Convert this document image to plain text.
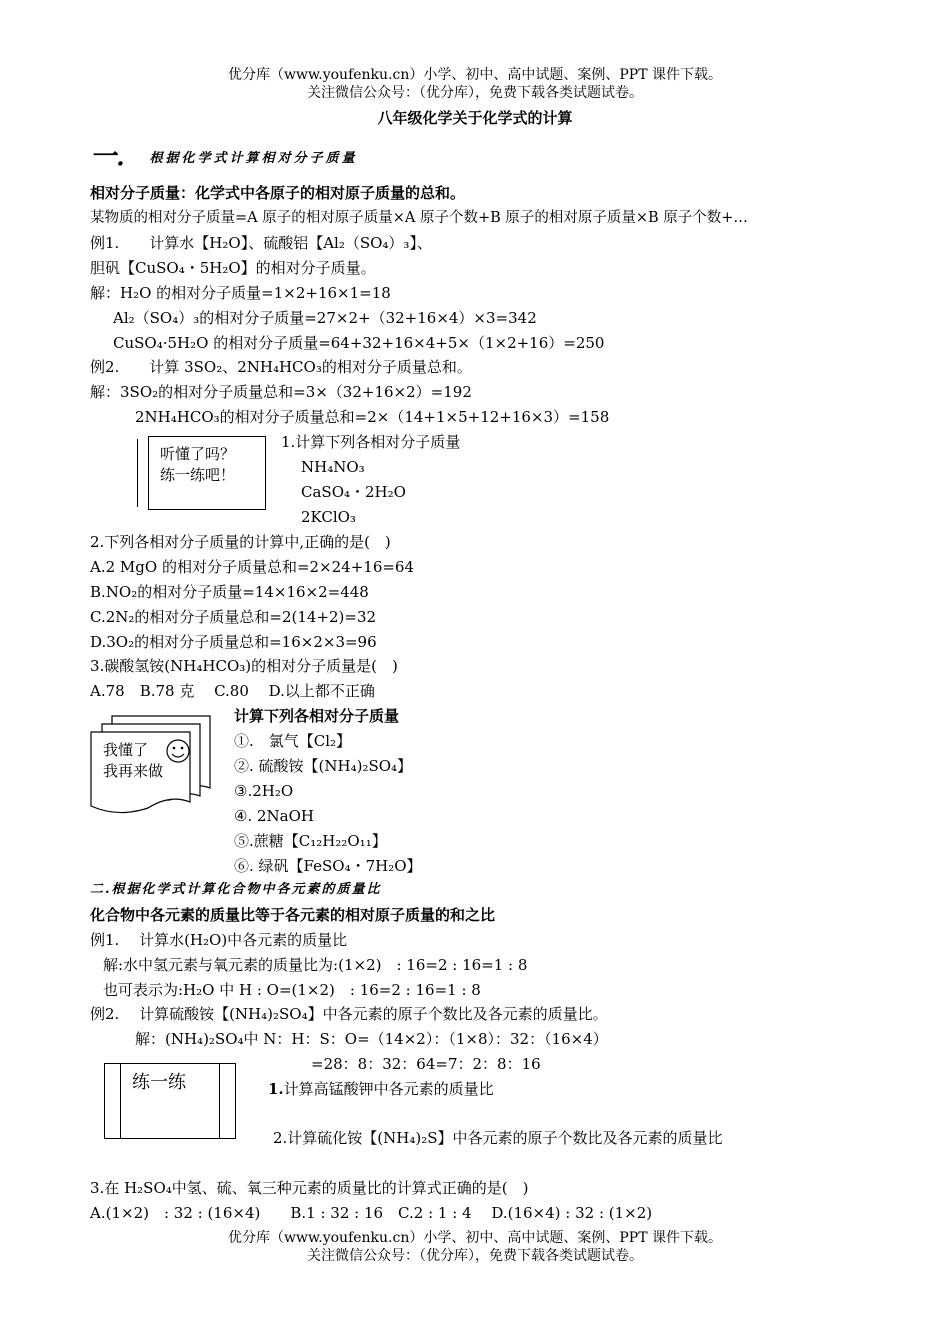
优分库（www.youfenku.cn）小学、初中、高中试题、案例、PPT 课件下载。
关注微信公众号：（优分库），免费下载各类试题试卷。
八年级化学关于化学式的计算
一． 根据化学式计算相对分子质量
相对分子质量：化学式中各原子的相对原子质量的总和。
某物质的相对分子质量=A 原子的相对原子质量×A 原子个数+B 原子的相对原子质量×B 原子个数+…
例1.　　计算水【H₂O】、硫酸铝【Al₂（SO₄）₃】、
胆矾【CuSO₄・5H₂O】的相对分子质量。
解：H₂O 的相对分子质量=1×2+16×1=18
Al₂（SO₄）₃的相对分子质量=27×2+（32+16×4）×3=342
CuSO₄·5H₂O 的相对分子质量=64+32+16×4+5×（1×2+16）=250
例2.　　计算 3SO₂、2NH₄HCO₃的相对分子质量总和。
解：3SO₂的相对分子质量总和=3×（32+16×2）=192
2NH₄HCO₃的相对分子质量总和=2×（14+1×5+12+16×3）=158
听懂了吗？
练一练吧！
1.计算下列各相对分子质量
NH₄NO₃
CaSO₄・2H₂O
2KClO₃
2.下列各相对分子质量的计算中,正确的是(　)
A.2 MgO 的相对分子质量总和=2×24+16=64
B.NO₂的相对分子质量=14×16×2=448
C.2N₂的相对分子质量总和=2(14+2)=32
D.3O₂的相对分子质量总和=16×2×3=96
3.碳酸氢铵(NH₄HCO₃)的相对分子质量是(　)
A.78　B.78 克　 C.80　 D.以上都不正确
我懂了
我再来做
计算下列各相对分子质量
①.　氯气【Cl₂】
②. 硫酸铵【(NH₄)₂SO₄】
③.2H₂O
④. 2NaOH
⑤.蔗糖【C₁₂H₂₂O₁₁】
⑥. 绿矾【FeSO₄・7H₂O】
二.根据化学式计算化合物中各元素的质量比
化合物中各元素的质量比等于各元素的相对原子质量的和之比
例1.　 计算水(H₂O)中各元素的质量比
解:水中氢元素与氧元素的质量比为:(1×2)　: 16=2 : 16=1 : 8
也可表示为:H₂O 中 H : O=(1×2)　: 16=2 : 16=1 : 8
例2.　 计算硫酸铵【(NH₄)₂SO₄】中各元素的原子个数比及各元素的质量比。
解：(NH₄)₂SO₄中 N：H：S：O=（14×2）：（1×8）：32：（16×4）
=28：8：32：64=7：2：8：16
练一练	1.计算高锰酸钾中各元素的质量比
2.计算硫化铵【(NH₄)₂S】中各元素的原子个数比及各元素的质量比
3.在 H₂SO₄中氢、硫、氧三种元素的质量比的计算式正确的是(　)
A.(1×2)　: 32 : (16×4)　　B.1 : 32 : 16　C.2 : 1 : 4　 D.(16×4) : 32 : (1×2)
优分库（www.youfenku.cn）小学、初中、高中试题、案例、PPT 课件下载。
关注微信公众号：（优分库），免费下载各类试题试卷。
